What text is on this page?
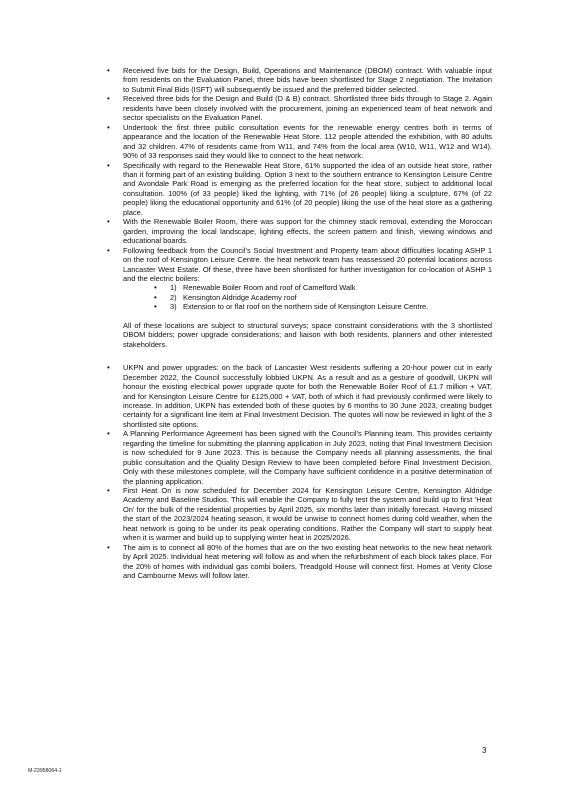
• Received five bids for the Design, Build, Operations and Maintenance (DBOM) contract. With valuable input from residents on the Evaluation Panel, three bids have been shortlisted for Stage 2 negotiation. The Invitation to Submit Final Bids (ISFT) will subsequently be issued and the preferred bidder selected.
• Received three bids for the Design and Build (D & B) contract. Shortlisted three bids through to Stage 2. Again residents have been closely involved with the procurement, joining an experienced team of heat network and sector specialists on the Evaluation Panel.
• Undertook the first three public consultation events for the renewable energy centres both in terms of appearance and the location of the Renewable Heat Store. 112 people attended the exhibition, with 80 adults and 32 children. 47% of residents came from W11, and 74% from the local area (W10, W11, W12 and W14). 90% of 33 responses said they would like to connect to the heat network.
• Specifically with regard to the Renewable Heat Store, 61% supported the idea of an outside heat store, rather than it forming part of an existing building. Option 3 next to the southern entrance to Kensington Leisure Centre and Avondale Park Road is emerging as the preferred location for the heat store, subject to additional local consultation. 100% (of 33 people) liked the lighting, with 71% (of 26 people) liking a sculpture, 67% (of 22 people) liking the educational opportunity and 61% (of 20 people) liking the use of the heat store as a gathering place.
• With the Renewable Boiler Room, there was support for the chimney stack removal, extending the Moroccan garden, improving the local landscape, lighting effects, the screen pattern and finish, viewing windows and educational boards.
• Following feedback from the Council’s Social Investment and Property team about difficulties locating ASHP 1 on the roof of Kensington Leisure Centre. the heat network team has reassessed 20 potential locations across Lancaster West Estate. Of these, three have been shortlisted for further investigation for co-location of ASHP 1 and the electric boilers:
• 1) Renewable Boiler Room and roof of Camelford Walk
• 2) Kensington Aldridge Academy roof
• 3) Extension to or flat roof on the northern side of Kensington Leisure Centre.

All of these locations are subject to structural surveys; space constraint considerations with the 3 shortlisted DBOM bidders; power upgrade considerations; and liaison with both residents, planners and other interested stakeholders.

• UKPN and power upgrades: on the back of Lancaster West residents suffering a 20-hour power cut in early December 2022, the Council successfully lobbied UKPN. As a result and as a gesture of goodwill, UKPN will honour the existing electrical power upgrade quote for both the Renewable Boiler Roof of £1.7 million + VAT, and for Kensington Leisure Centre for £125,000 + VAT, both of which it had previously confirmed were likely to increase. In addition, UKPN has extended both of these quotes by 6 months to 30 June 2023, creating budget certainty for a significant line item at Final Investment Decision. The quotes will now be reviewed in light of the 3 shortlisted site options.
• A Planning Performance Agreement has been signed with the Council’s Planning team. This provides certainty regarding the timeline for submitting the planning application in July 2023, noting that Final Investment Decision is now scheduled for 9 June 2023. This is because the Company needs all planning assessments, the final public consultation and the Quality Design Review to have been completed before Final Investment Decision. Only with these milestones complete, will the Company have sufficient confidence in a positive determination of the planning application.
• First Heat On is now scheduled for December 2024 for Kensington Leisure Centre, Kensington Aldridge Academy and Baseline Studios. This will enable the Company to fully test the system and build up to first ‘Heat On’ for the bulk of the residential properties by April 2025, six months later than initially forecast. Having missed the start of the 2023/2024 heating season, it would be unwise to connect homes during cold weather, when the heat network is going to be under its peak operating conditions. Rather the Company will start to supply heat when it is warmer and build up to supplying winter heat in 2025/2026.
• The aim is to connect all 80% of the homes that are on the two existing heat networks to the new heat network by April 2025. Individual heat metering will follow as and when the refurbishment of each block takes place. For the 20% of homes with individual gas combi boilers, Treadgold House will connect first. Homes at Verity Close and Cambourne Mews will follow later.
3
M-23958064-1
